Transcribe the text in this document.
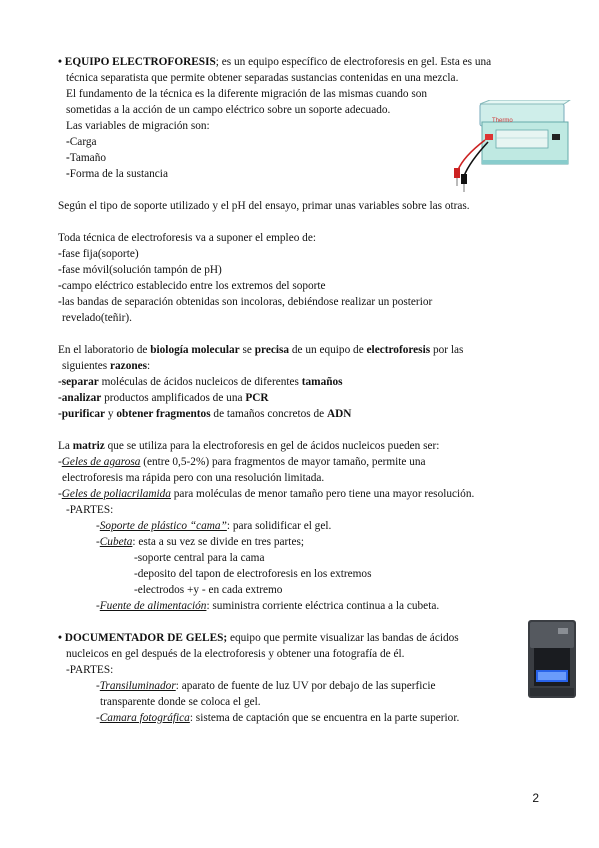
• EQUIPO ELECTROFORESIS; es un equipo específico de electroforesis en gel. Esta es una
técnica separatista que permite obtener separadas sustancias contenidas en una mezcla.
El fundamento de la técnica es la diferente migración de las mismas cuando son
sometidas a la acción de un campo eléctrico sobre un soporte adecuado.
Las variables de migración son:
-Carga
-Tamaño
-Forma de la sustancia
Thermo
Según el tipo de soporte utilizado y el pH del ensayo, primar unas variables sobre las otras.
Toda técnica de electroforesis va a suponer el empleo de:
-fase fija(soporte)
-fase móvil(solución tampón de pH)
-campo eléctrico establecido entre los extremos del soporte
-las bandas de separación obtenidas son incoloras, debiéndose realizar un posterior
revelado(teñir).
En el laboratorio de biología molecular se precisa de un equipo de electroforesis por las
siguientes razones:
-separar moléculas de ácidos nucleicos de diferentes tamaños
-analizar productos amplificados de una PCR
-purificar y obtener fragmentos de tamaños concretos de ADN
La matriz que se utiliza para la electroforesis en gel de ácidos nucleicos pueden ser:
-Geles de agarosa (entre 0,5-2%) para fragmentos de mayor tamaño, permite una
electroforesis ma rápida pero con una resolución limitada.
-Geles de poliacrilamida para moléculas de menor tamaño pero tiene una mayor resolución.
-PARTES:
-Soporte de plástico “cama”: para solidificar el gel.
-Cubeta: esta a su vez se divide en tres partes;
-soporte central para la cama
-deposito del tapon de electroforesis en los extremos
-electrodos +y - en cada extremo
-Fuente de alimentación: suministra corriente eléctrica continua a la cubeta.
• DOCUMENTADOR DE GELES; equipo que permite visualizar las bandas de ácidos
nucleicos en gel después de la electroforesis y obtener una fotografía de él.
-PARTES:
-Transiluminador: aparato de fuente de luz UV por debajo de las superficie
transparente donde se coloca el gel.
-Camara fotográfica: sistema de captación que se encuentra en la parte superior.
2
